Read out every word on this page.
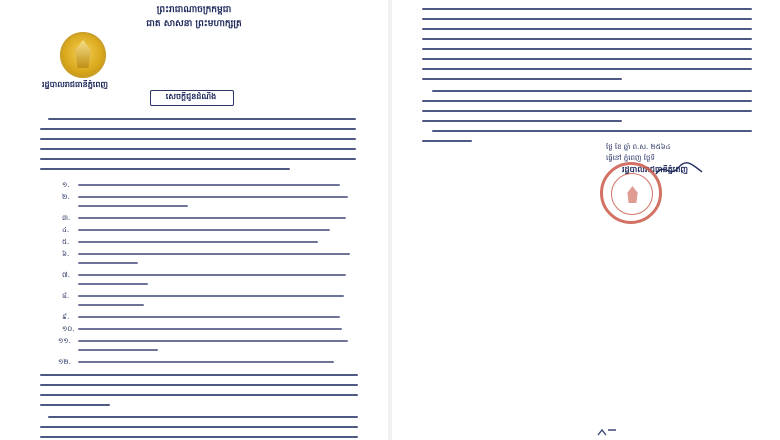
ព្រះរាជាណាចក្រកម្ពុជា
ជាតិ សាសនា ព្រះមហាក្សត្រ
រដ្ឋបាលរាជធានីភ្នំពេញ
សេចក្តីជូនដំណឹង
១.
២.
៣.
៤.
៥.
៦.
៧.
៨.
៩.
១០.
១១.
១២.
ថ្ងៃ ខែ ឆ្នាំ ព.ស. ២៥៦៤
ធ្វើនៅ ភ្នំពេញ ថ្ងៃទី
រដ្ឋបាលរាជធានីភ្នំពេញ
